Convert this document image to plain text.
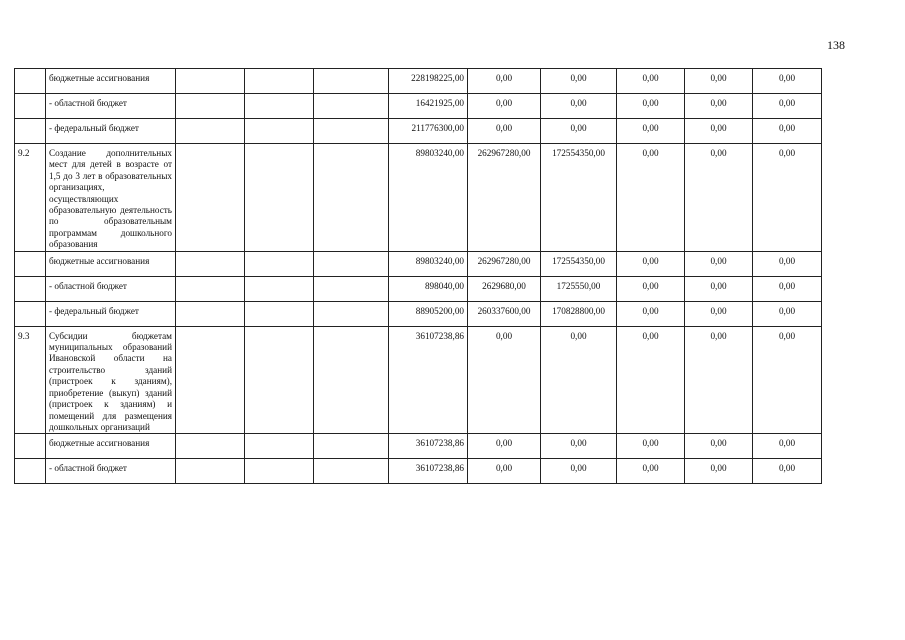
138
	бюджетные ассигнования				228198225,00	0,00	0,00	0,00	0,00	0,00
	- областной бюджет				16421925,00	0,00	0,00	0,00	0,00	0,00
	- федеральный бюджет				211776300,00	0,00	0,00	0,00	0,00	0,00
9.2	Создание дополнительных мест для детей в возрасте от 1,5 до 3 лет в образовательных организациях, осуществляющих образовательную деятельность по образовательным программам дошкольного образования				89803240,00	262967280,00	172554350,00	0,00	0,00	0,00
	бюджетные ассигнования				89803240,00	262967280,00	172554350,00	0,00	0,00	0,00
	- областной бюджет				898040,00	2629680,00	1725550,00	0,00	0,00	0,00
	- федеральный бюджет				88905200,00	260337600,00	170828800,00	0,00	0,00	0,00
9.3	Субсидии бюджетам муниципальных образований Ивановской области на строительство зданий (пристроек к зданиям), приобретение (выкуп) зданий (пристроек к зданиям) и помещений для размещения дошкольных организаций				36107238,86	0,00	0,00	0,00	0,00	0,00
	бюджетные ассигнования				36107238,86	0,00	0,00	0,00	0,00	0,00
	- областной бюджет				36107238,86	0,00	0,00	0,00	0,00	0,00
